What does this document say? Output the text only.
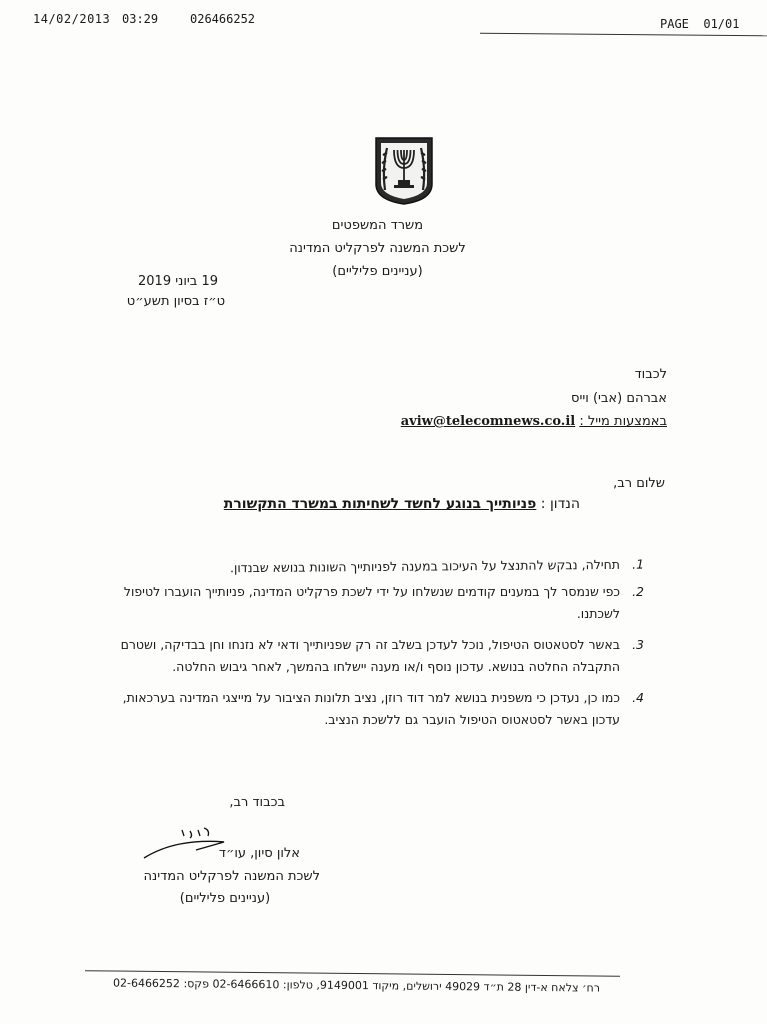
14/02/2013 03:29	026466252	PAGE  01/01
משרד המשפטים
לשכת המשנה לפרקליט המדינה
(עניינים פליליים)
19 ביוני 2019
ט״ז בסיון תשע״ט
לכבוד
אברהם (אבי) וייס
באמצעות מייל : aviw@telecomnews.co.il
שלום רב,
הנדון : פניותייך בנוגע לחשד לשחיתות במשרד התקשורת
1.
תחילה, נבקש להתנצל על העיכוב במענה לפניותייך השונות בנושא שבנדון.
2.
כפי שנמסר לך במענים קודמים שנשלחו על ידי לשכת פרקליט המדינה, פניותייך הועברו לטיפול לשכתנו.
3.
באשר לסטאטוס הטיפול, נוכל לעדכן בשלב זה רק שפניותייך ודאי לא נזנחו וחן בבדיקה, ושטרם התקבלה החלטה בנושא. עדכון נוסף ו/או מענה יישלחו בהמשך, לאחר גיבוש החלטה.
4.
כמו כן, נעדכן כי משפנית בנושא למר דוד רוזן, נציב תלונות הציבור על מייצגי המדינה בערכאות, עדכון באשר לסטאטוס הטיפול הועבר גם ללשכת הנציב.
בכבוד רב,
אלון סיון, עו״ד
לשכת המשנה לפרקליט המדינה
(עניינים פליליים)
רח׳ צלאח א-דין 28 ת״ד 49029 ירושלים, מיקוד 9149001, טלפון: 02-6466610 פקס: 02-6466252
